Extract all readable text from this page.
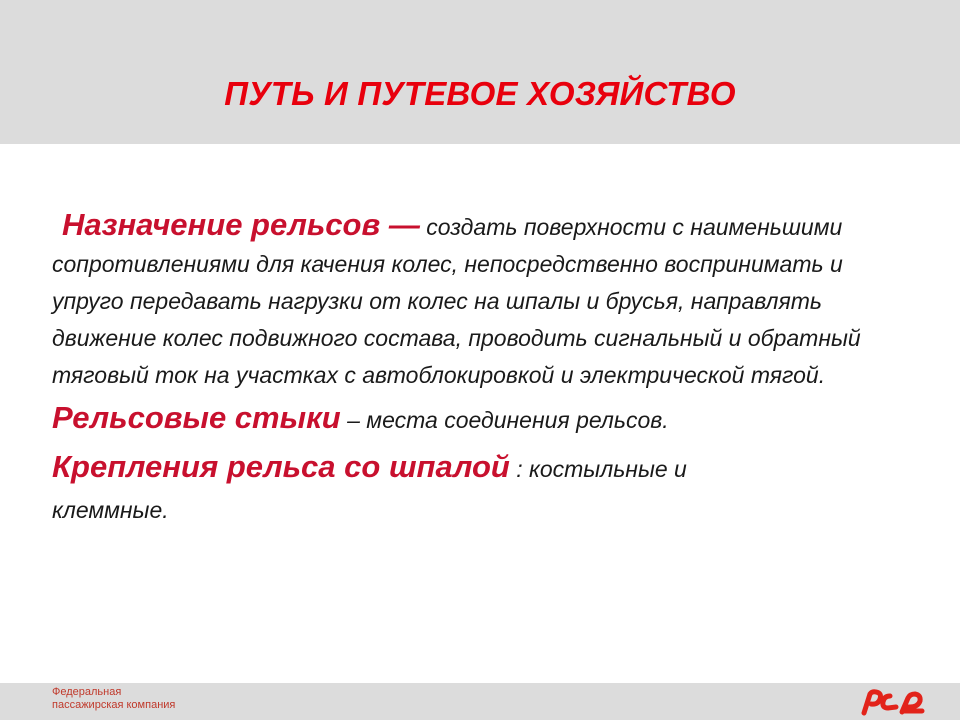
ПУТЬ И ПУТЕВОЕ ХОЗЯЙСТВО

Назначение рельсов — создать поверхности с наименьшими сопротивлениями для качения колес, непосредственно воспринимать и упруго передавать нагрузки от колес на шпалы и брусья, направлять движение колес подвижного состава, проводить сигнальный и обратный тяговый ток на участках с автоблокировкой и электрической тягой.

Рельсовые стыки – места соединения рельсов.

Крепления рельса со шпалой : костыльные и
клеммные.

Федеральная
пассажирская компания
